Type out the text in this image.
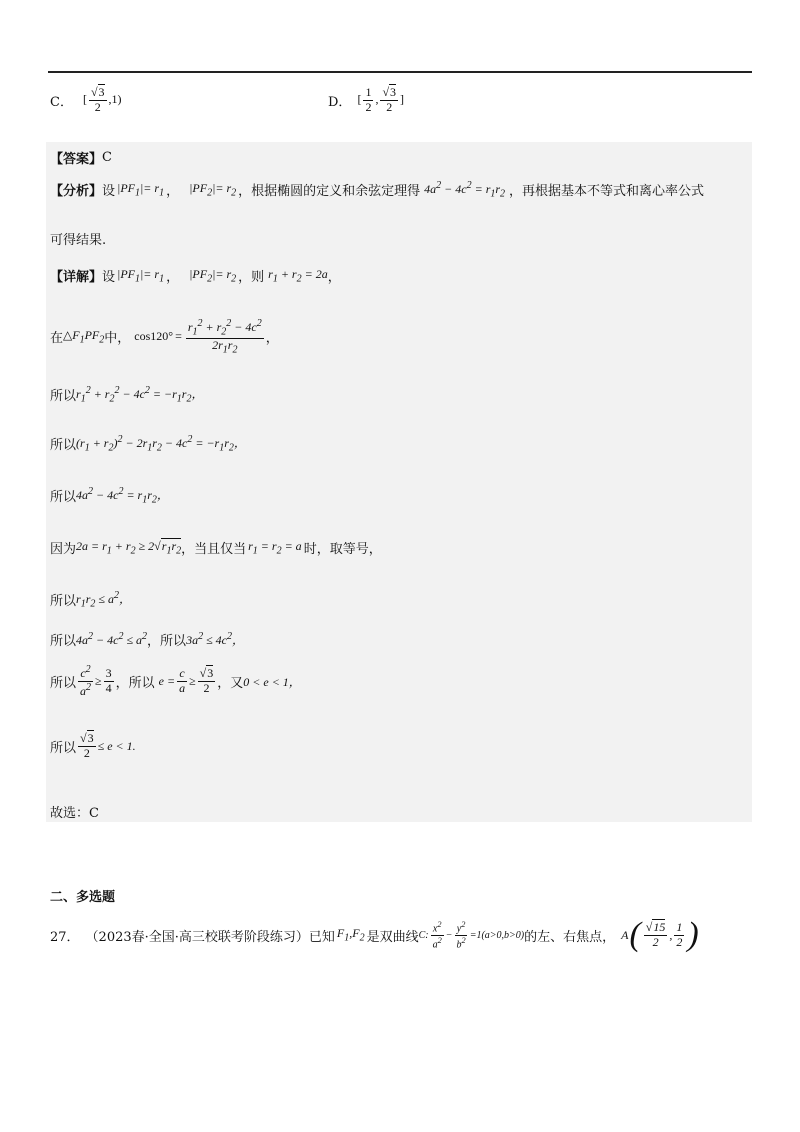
C． [ $\frac{√3}{2} ,1$)	D． [ $\frac{1}{2}$ , $\frac{√3}{2}$ ]
【答案】 C
【分析】 设 $|PF_1|= r_1$ ， $|PF_2|= r_2$ ，根据椭圆的定义和余弦定理得 $4a^2 - 4c^2 = r_1r_2$ ，再根据基本不等式和离心率公式
可得结果.
【详解】 设 $|PF_1|= r_1$ ， $|PF_2|= r_2$ ，则 $r_1 + r_2 = 2a$ ，
在 $\triangle F_1PF_2$ 中， $\cos 120^\circ = \frac{r_1^2 + r_2^2 - 4c^2}{2r_1r_2}$ ，
所以 $r_1^2 + r_2^2 - 4c^2 = -r_1r_2$，
所以 $(r_1 + r_2)^2 - 2r_1r_2 - 4c^2 = -r_1r_2$，
所以 $4a^2 - 4c^2 = r_1r_2$，
因为 $2a = r_1 + r_2 \ge 2√r_1r_2$ ，当且仅当 $r_1 = r_2 = a$ 时，取等号，
所以 $r_1r_2 \le a^2$，
所以 $4a^2 - 4c^2 \le a^2$ ，所以 $3a^2 \le 4c^2$，
所以 $\frac{c^2}{a^2} \ge \frac{3}{4}$ ，所以 $e = \frac{c}{a} \ge \frac{√3}{2}$ ，又 0 < e < 1，
所以 $\frac{√3}{2} \le e < 1$.
故选：C
二、多选题
27． （2023春·全国·高三校联考阶段练习）已知 $F_1,F_2$ 是双曲线 C: $\frac{x^2}{a^2} - \frac{y^2}{b^2} =1(a>0,b>0)$ 的左、右焦点， A ( $\frac{√15}{2}$ , $\frac{1}{2}$ )
